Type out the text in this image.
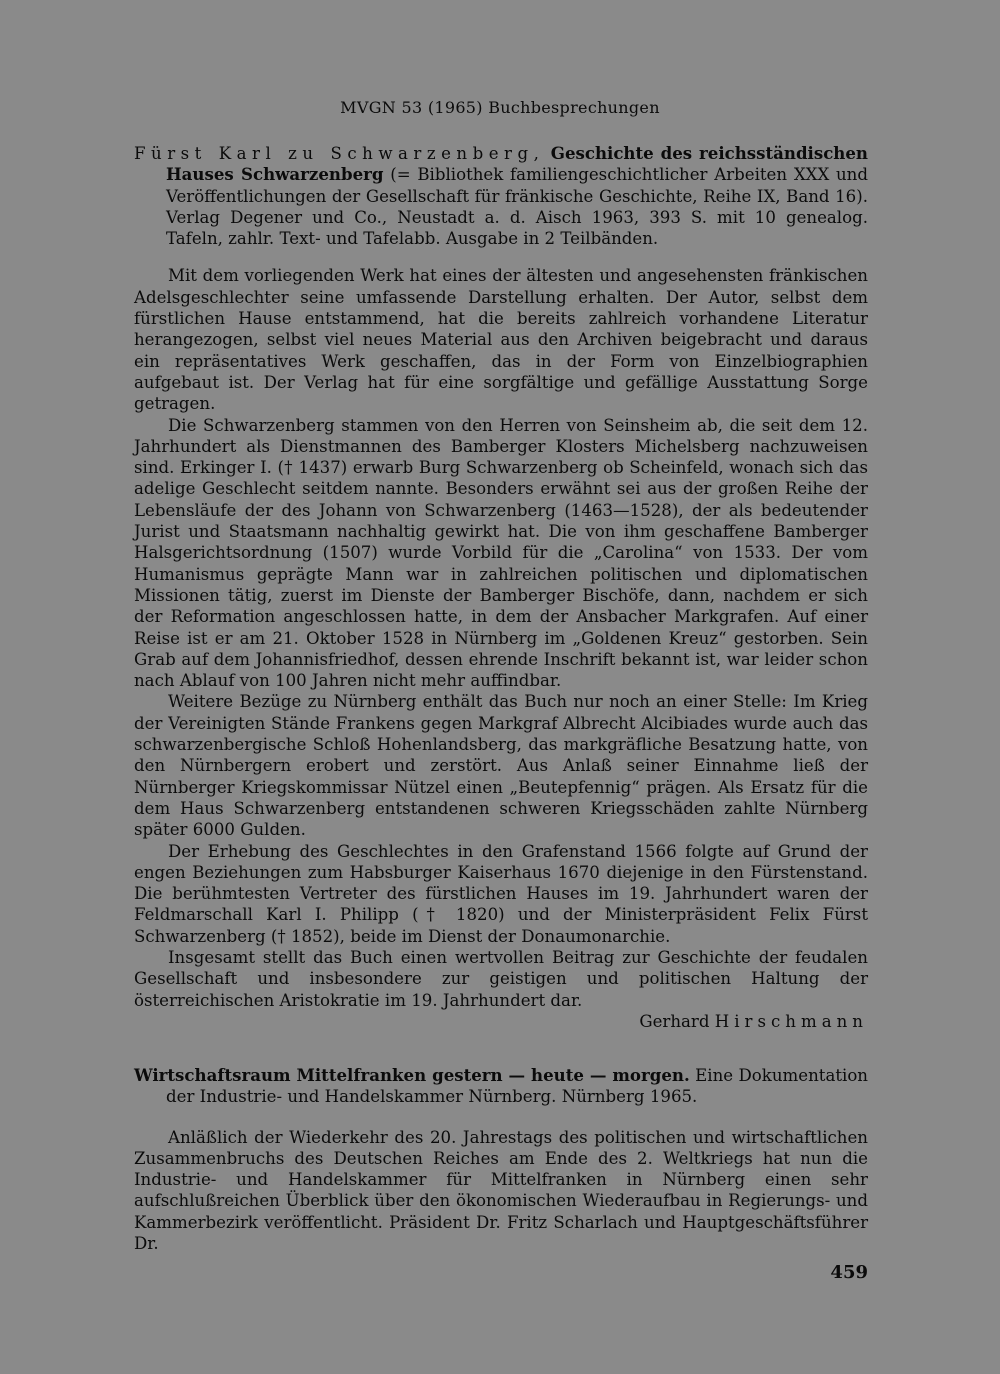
MVGN 53 (1965) Buchbesprechungen

Fürst Karl zu Schwarzenberg, Geschichte des reichsständischen Hauses Schwarzenberg (= Bibliothek familiengeschichtlicher Arbeiten XXX und Veröffentlichungen der Gesellschaft für fränkische Geschichte, Reihe IX, Band 16). Verlag Degener und Co., Neustadt a. d. Aisch 1963, 393 S. mit 10 genealog. Tafeln, zahlr. Text- und Tafelabb. Ausgabe in 2 Teilbänden.

Mit dem vorliegenden Werk hat eines der ältesten und angesehensten fränkischen Adelsgeschlechter seine umfassende Darstellung erhalten. Der Autor, selbst dem fürstlichen Hause entstammend, hat die bereits zahlreich vorhandene Literatur herangezogen, selbst viel neues Material aus den Archiven beigebracht und daraus ein repräsentatives Werk geschaffen, das in der Form von Einzelbiographien aufgebaut ist. Der Verlag hat für eine sorgfältige und gefällige Ausstattung Sorge getragen.

Die Schwarzenberg stammen von den Herren von Seinsheim ab, die seit dem 12. Jahrhundert als Dienstmannen des Bamberger Klosters Michelsberg nachzuweisen sind. Erkinger I. († 1437) erwarb Burg Schwarzenberg ob Scheinfeld, wonach sich das adelige Geschlecht seitdem nannte. Besonders erwähnt sei aus der großen Reihe der Lebensläufe der des Johann von Schwarzenberg (1463—1528), der als bedeutender Jurist und Staatsmann nachhaltig gewirkt hat. Die von ihm geschaffene Bamberger Halsgerichtsordnung (1507) wurde Vorbild für die „Carolina“ von 1533. Der vom Humanismus geprägte Mann war in zahlreichen politischen und diplomatischen Missionen tätig, zuerst im Dienste der Bamberger Bischöfe, dann, nachdem er sich der Reformation angeschlossen hatte, in dem der Ansbacher Markgrafen. Auf einer Reise ist er am 21. Oktober 1528 in Nürnberg im „Goldenen Kreuz“ gestorben. Sein Grab auf dem Johannisfriedhof, dessen ehrende Inschrift bekannt ist, war leider schon nach Ablauf von 100 Jahren nicht mehr auffindbar.

Weitere Bezüge zu Nürnberg enthält das Buch nur noch an einer Stelle: Im Krieg der Vereinigten Stände Frankens gegen Markgraf Albrecht Alcibiades wurde auch das schwarzenbergische Schloß Hohenlandsberg, das markgräfliche Besatzung hatte, von den Nürnbergern erobert und zerstört. Aus Anlaß seiner Einnahme ließ der Nürnberger Kriegskommissar Nützel einen „Beutepfennig“ prägen. Als Ersatz für die dem Haus Schwarzenberg entstandenen schweren Kriegsschäden zahlte Nürnberg später 6000 Gulden.

Der Erhebung des Geschlechtes in den Grafenstand 1566 folgte auf Grund der engen Beziehungen zum Habsburger Kaiserhaus 1670 diejenige in den Fürstenstand. Die berühmtesten Vertreter des fürstlichen Hauses im 19. Jahrhundert waren der Feldmarschall Karl I. Philipp († 1820) und der Ministerpräsident Felix Fürst Schwarzenberg († 1852), beide im Dienst der Donaumonarchie.

Insgesamt stellt das Buch einen wertvollen Beitrag zur Geschichte der feudalen Gesellschaft und insbesondere zur geistigen und politischen Haltung der österreichischen Aristokratie im 19. Jahrhundert dar.

Gerhard Hirschmann

Wirtschaftsraum Mittelfranken gestern — heute — morgen. Eine Dokumentation der Industrie- und Handelskammer Nürnberg. Nürnberg 1965.

Anläßlich der Wiederkehr des 20. Jahrestags des politischen und wirtschaftlichen Zusammenbruchs des Deutschen Reiches am Ende des 2. Weltkriegs hat nun die Industrie- und Handelskammer für Mittelfranken in Nürnberg einen sehr aufschlußreichen Überblick über den ökonomischen Wiederaufbau in Regierungs- und Kammerbezirk veröffentlicht. Präsident Dr. Fritz Scharlach und Hauptgeschäftsführer Dr.

459
